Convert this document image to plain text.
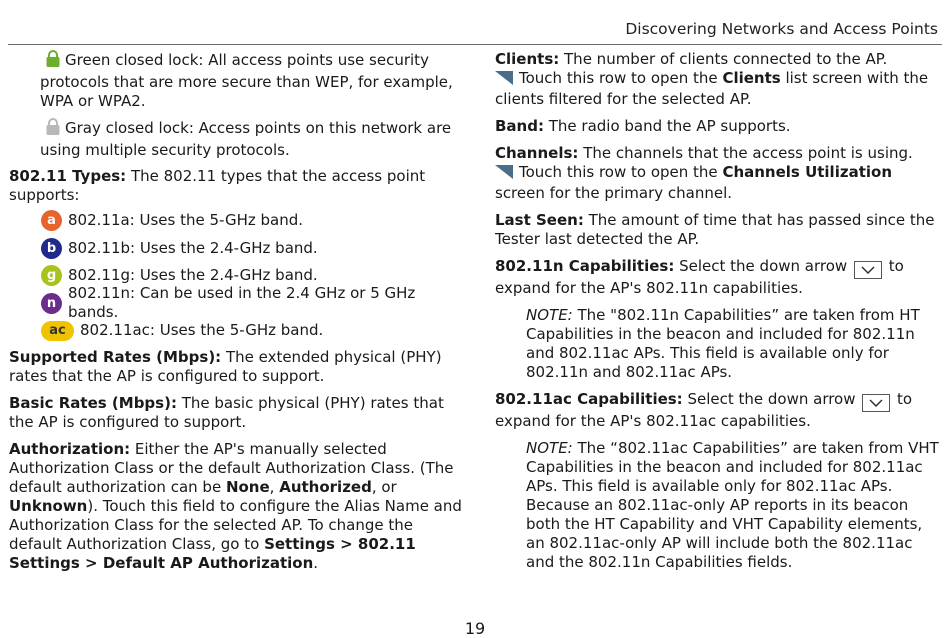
Discovering Networks and Access Points

Green closed lock: All access points use security protocols that are more secure than WEP, for example, WPA or WPA2.

Gray closed lock: Access points on this network are using multiple security protocols.

802.11 Types: The 802.11 types that the access point supports:

a 802.11a: Uses the 5-GHz band.
b 802.11b: Uses the 2.4-GHz band.
g 802.11g: Uses the 2.4-GHz band.
n
802.11n: Can be used in the 2.4 GHz or 5 GHz bands.
ac 802.11ac: Uses the 5-GHz band.

Supported Rates (Mbps): The extended physical (PHY) rates that the AP is configured to support.

Basic Rates (Mbps): The basic physical (PHY) rates that the AP is configured to support.

Authorization: Either the AP's manually selected Authorization Class or the default Authorization Class. (The default authorization can be None, Authorized, or Unknown). Touch this field to configure the Alias Name and Authorization Class for the selected AP. To change the default Authorization Class, go to Settings > 802.11 Settings > Default AP Authorization.

Clients: The number of clients connected to the AP.
Touch this row to open the Clients list screen with the clients filtered for the selected AP.

Band: The radio band the AP supports.

Channels: The channels that the access point is using.
Touch this row to open the Channels Utilization screen for the primary channel.

Last Seen: The amount of time that has passed since the Tester last detected the AP.

802.11n Capabilities: Select the down arrow
to expand for the AP's 802.11n capabilities.

NOTE: The "802.11n Capabilities” are taken from HT Capabilities in the beacon and included for 802.11n and 802.11ac APs. This field is available only for 802.11n and 802.11ac APs.

802.11ac Capabilities: Select the down arrow
to expand for the AP's 802.11ac capabilities.

NOTE: The “802.11ac Capabilities” are taken from VHT Capabilities in the beacon and included for 802.11ac APs. This field is available only for 802.11ac APs. Because an 802.11ac-only AP reports in its beacon both the HT Capability and VHT Capability elements, an 802.11ac-only AP will include both the 802.11ac and the 802.11n Capabilities fields.

19
